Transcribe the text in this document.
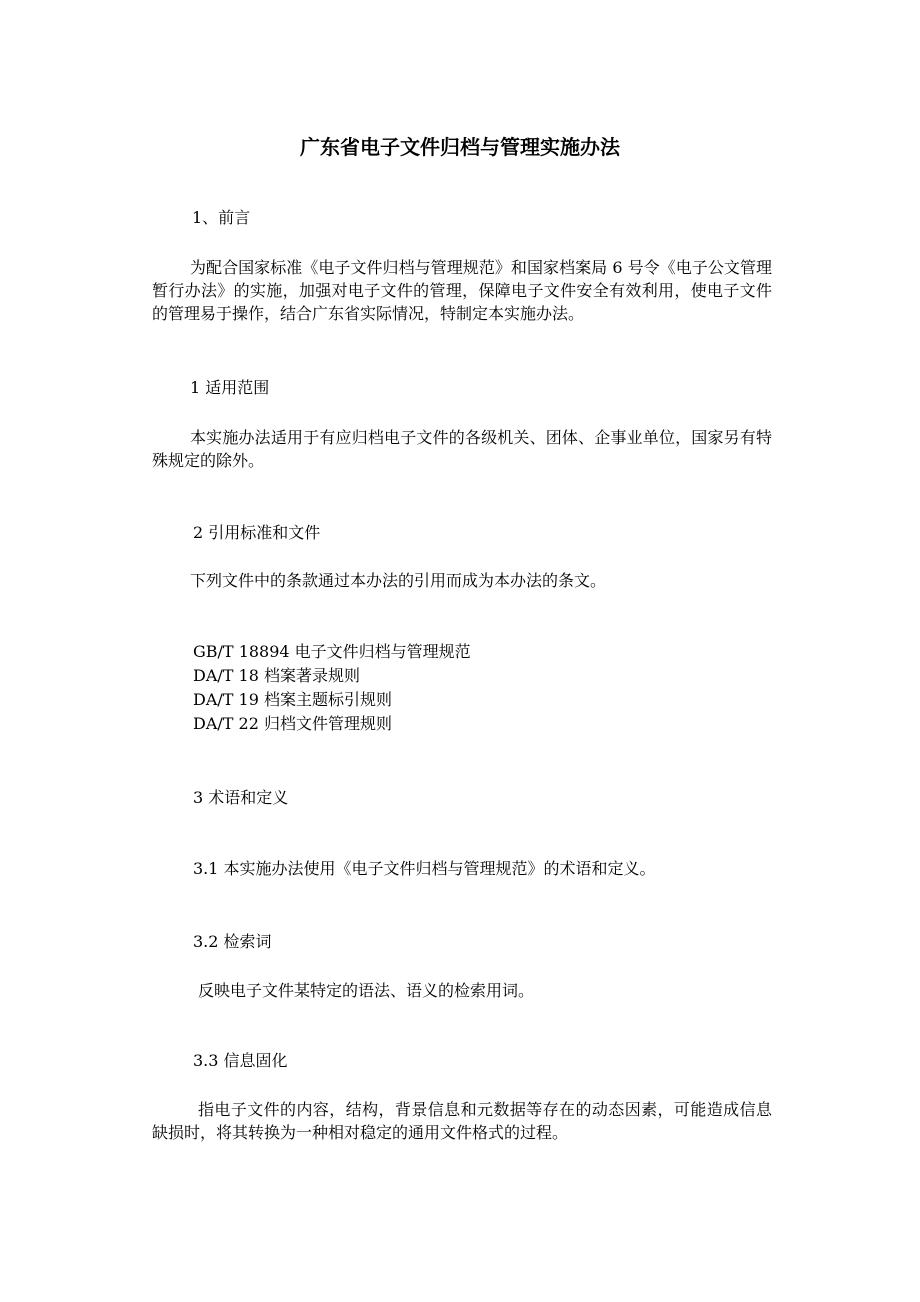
广东省电子文件归档与管理实施办法

1、前言

为配合国家标准《电子文件归档与管理规范》和国家档案局 6 号令《电子公文管理暂行办法》的实施，加强对电子文件的管理，保障电子文件安全有效利用，使电子文件的管理易于操作，结合广东省实际情况，特制定本实施办法。

1 适用范围

本实施办法适用于有应归档电子文件的各级机关、团体、企事业单位，国家另有特殊规定的除外。

2 引用标准和文件

下列文件中的条款通过本办法的引用而成为本办法的条文。

GB/T 18894 电子文件归档与管理规范

DA/T 18 档案著录规则

DA/T 19 档案主题标引规则

DA/T 22 归档文件管理规则

3 术语和定义

3.1 本实施办法使用《电子文件归档与管理规范》的术语和定义。

3.2 检索词

反映电子文件某特定的语法、语义的检索用词。

3.3 信息固化

指电子文件的内容，结构，背景信息和元数据等存在的动态因素，可能造成信息缺损时，将其转换为一种相对稳定的通用文件格式的过程。
